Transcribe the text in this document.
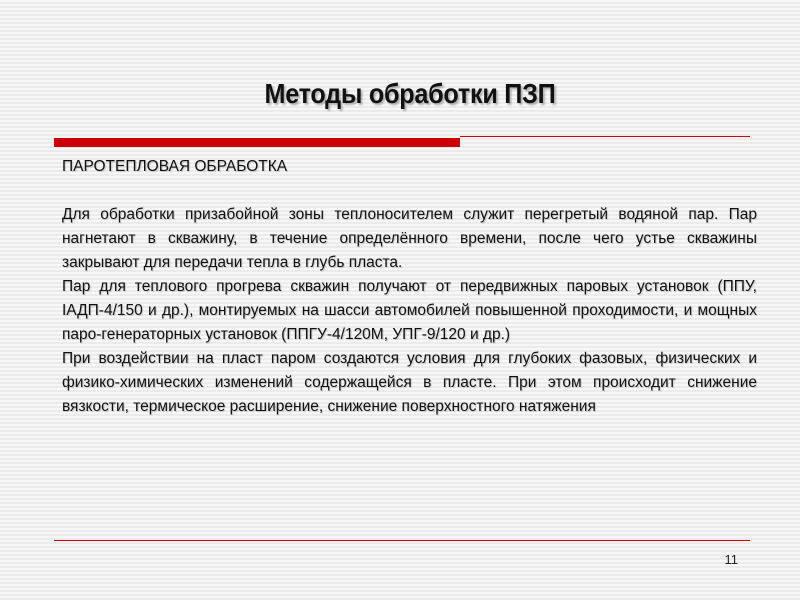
Методы обработки ПЗП

ПАРОТЕПЛОВАЯ ОБРАБОТКА

Для обработки призабойной зоны теплоносителем служит перегретый водяной пар. Пар нагнетают в скважину, в течение определённого времени, после чего устье скважины закрывают для передачи тепла в глубь пласта.

Пар для теплового прогрева скважин получают от передвижных паровых установок (ППУ, ІАДП-4/150 и др.), монтируемых на шасси автомобилей повышенной проходимости, и мощных паро-генераторных установок (ППГУ-4/120М, УПГ-9/120 и др.)

При воздействии на пласт паром создаются условия для глубоких фазовых, физических и физико-химических изменений содержащейся в пласте. При этом происходит снижение вязкости, термическое расширение, снижение поверхностного натяжения

11
